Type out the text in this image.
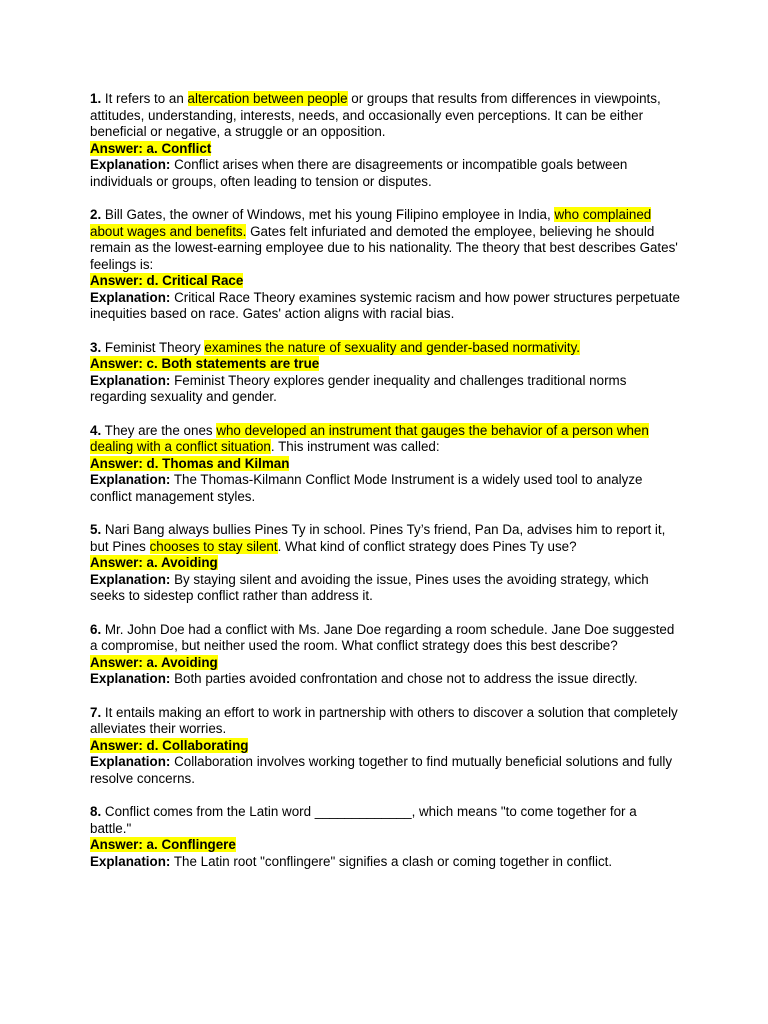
1. It refers to an altercation between people or groups that results from differences in viewpoints, attitudes, understanding, interests, needs, and occasionally even perceptions. It can be either beneficial or negative, a struggle or an opposition.

Answer: a. Conflict

Explanation: Conflict arises when there are disagreements or incompatible goals between individuals or groups, often leading to tension or disputes.

2. Bill Gates, the owner of Windows, met his young Filipino employee in India, who complained about wages and benefits. Gates felt infuriated and demoted the employee, believing he should remain as the lowest-earning employee due to his nationality. The theory that best describes Gates' feelings is:

Answer: d. Critical Race

Explanation: Critical Race Theory examines systemic racism and how power structures perpetuate inequities based on race. Gates' action aligns with racial bias.

3. Feminist Theory examines the nature of sexuality and gender-based normativity.

Answer: c. Both statements are true

Explanation: Feminist Theory explores gender inequality and challenges traditional norms regarding sexuality and gender.

4. They are the ones who developed an instrument that gauges the behavior of a person when dealing with a conflict situation. This instrument was called:

Answer: d. Thomas and Kilman

Explanation: The Thomas-Kilmann Conflict Mode Instrument is a widely used tool to analyze conflict management styles.

5. Nari Bang always bullies Pines Ty in school. Pines Ty’s friend, Pan Da, advises him to report it, but Pines chooses to stay silent. What kind of conflict strategy does Pines Ty use?

Answer: a. Avoiding

Explanation: By staying silent and avoiding the issue, Pines uses the avoiding strategy, which seeks to sidestep conflict rather than address it.

6. Mr. John Doe had a conflict with Ms. Jane Doe regarding a room schedule. Jane Doe suggested a compromise, but neither used the room. What conflict strategy does this best describe?

Answer: a. Avoiding

Explanation: Both parties avoided confrontation and chose not to address the issue directly.

7. It entails making an effort to work in partnership with others to discover a solution that completely alleviates their worries.

Answer: d. Collaborating

Explanation: Collaboration involves working together to find mutually beneficial solutions and fully resolve concerns.

8. Conflict comes from the Latin word _____________, which means "to come together for a battle."

Answer: a. Conflingere

Explanation: The Latin root "conflingere" signifies a clash or coming together in conflict.
